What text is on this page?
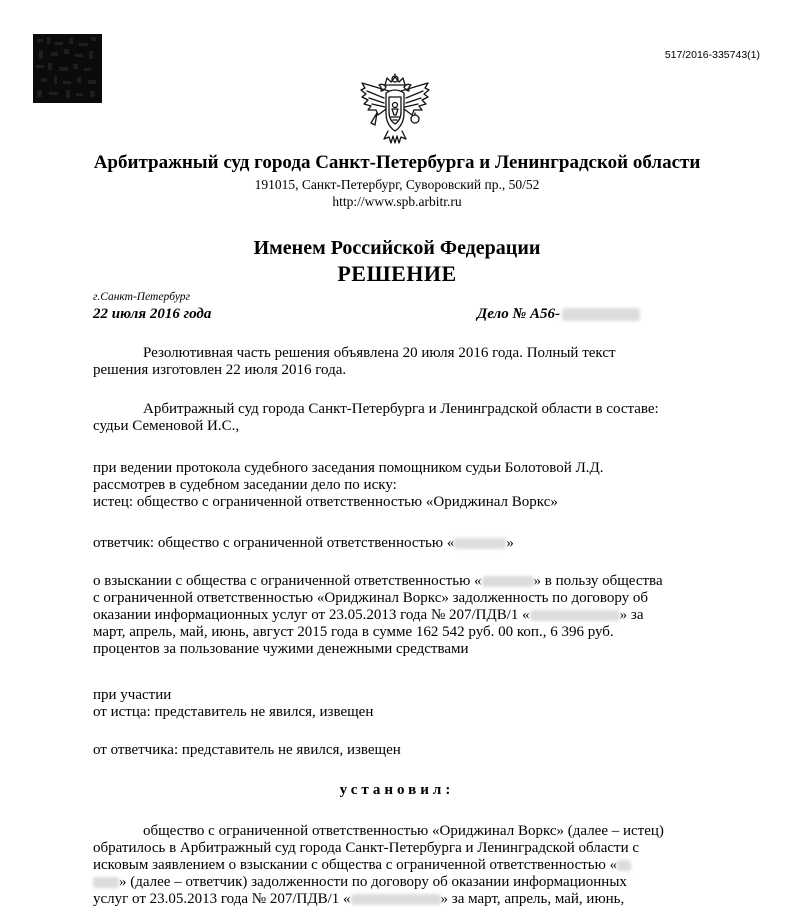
517/2016-335743(1)
Арбитражный суд города Санкт-Петербурга и Ленинградской области
191015, Санкт-Петербург, Суворовский пр., 50/52
http://www.spb.arbitr.ru
Именем Российской Федерации
РЕШЕНИЕ
г.Санкт-Петербург
22 июля 2016 года	Дело № А56-
Резолютивная часть решения объявлена 20 июля 2016 года. Полный текст
решения изготовлен 22 июля 2016 года.
Арбитражный суд города Санкт-Петербурга и Ленинградской области в составе:
судьи Семеновой И.С.,
при ведении протокола судебного заседания помощником судьи Болотовой Л.Д.
рассмотрев в судебном заседании дело по иску:
истец: общество с ограниченной ответственностью «Ориджинал Воркс»
ответчик: общество с ограниченной ответственностью «	»
о взыскании с общества с ограниченной ответственностью «	» в пользу общества
с ограниченной ответственностью «Ориджинал Воркс» задолженность по договору об
оказании информационных услуг от 23.05.2013 года № 207/ПДВ/1 «	» за
март, апрель, май, июнь, август 2015 года в сумме 162 542 руб. 00 коп., 6 396 руб.
процентов за пользование чужими денежными средствами
при участии
от истца: представитель не явился, извещен
от ответчика: представитель не явился, извещен
установил:
общество с ограниченной ответственностью «Ориджинал Воркс» (далее – истец)
обратилось в Арбитражный суд города Санкт-Петербурга и Ленинградской области с
исковым заявлением о взыскании с общества с ограниченной ответственностью «
» (далее – ответчик) задолженности по договору об оказании информационных
услуг от 23.05.2013 года № 207/ПДВ/1 «	» за март, апрель, май, июнь,
